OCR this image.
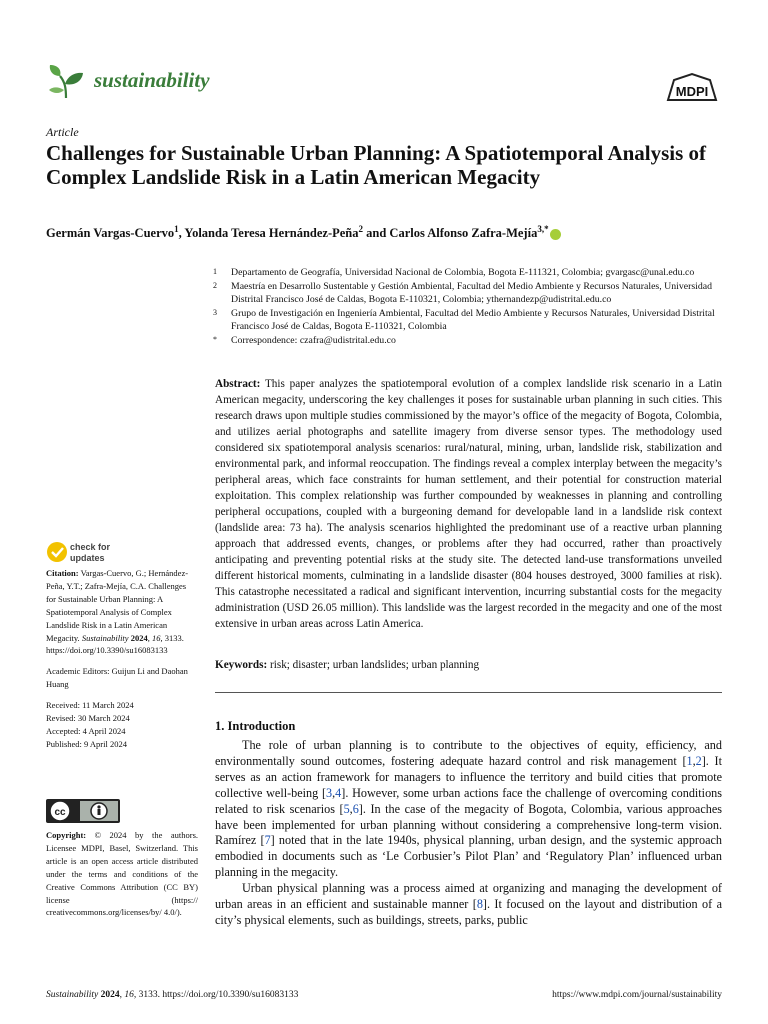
sustainability	MDPI
Article
Challenges for Sustainable Urban Planning: A Spatiotemporal Analysis of Complex Landslide Risk in a Latin American Megacity
Germán Vargas-Cuervo$^1$, Yolanda Teresa Hernández-Peña$^2$ and Carlos Alfonso Zafra-Mejía$^{3,*}$
1	Departamento de Geografía, Universidad Nacional de Colombia, Bogota E-111321, Colombia; gvargasc@unal.edu.co
2	Maestría en Desarrollo Sustentable y Gestión Ambiental, Facultad del Medio Ambiente y Recursos Naturales, Universidad Distrital Francisco José de Caldas, Bogota E-110321, Colombia; ythernandezp@udistrital.edu.co
3	Grupo de Investigación en Ingeniería Ambiental, Facultad del Medio Ambiente y Recursos Naturales, Universidad Distrital Francisco José de Caldas, Bogota E-110321, Colombia
*	Correspondence: czafra@udistrital.edu.co
Abstract: This paper analyzes the spatiotemporal evolution of a complex landslide risk scenario in a Latin American megacity, underscoring the key challenges it poses for sustainable urban planning in such cities. This research draws upon multiple studies commissioned by the mayor’s office of the megacity of Bogota, Colombia, and utilizes aerial photographs and satellite imagery from diverse sensor types. The methodology used considered six spatiotemporal analysis scenarios: rural/natural, mining, urban, landslide risk, stabilization and environmental park, and informal reoccupation. The findings reveal a complex interplay between the megacity’s peripheral areas, which face constraints for human settlement, and their potential for construction material exploitation. This complex relationship was further compounded by weaknesses in planning and controlling peripheral occupations, coupled with a burgeoning demand for developable land in a landslide risk context (landslide area: 73 ha). The analysis scenarios highlighted the predominant use of a reactive urban planning approach that addressed events, changes, or problems after they had occurred, rather than proactively anticipating and preventing potential risks at the study site. The detected land-use transformations unveiled different historical moments, culminating in a landslide disaster (804 houses destroyed, 3000 families at risk). This catastrophe necessitated a radical and significant intervention, incurring substantial costs for the megacity administration (USD 26.05 million). This landslide was the largest recorded in the megacity and one of the most extensive in urban areas across Latin America.
Keywords: risk; disaster; urban landslides; urban planning
1. Introduction

The role of urban planning is to contribute to the objectives of equity, efficiency, and environmentally sound outcomes, fostering adequate hazard control and risk management [1,2]. It serves as an action framework for managers to influence the territory and build cities that promote collective well-being [3,4]. However, some urban actions face the challenge of overcoming conditions related to risk scenarios [5,6]. In the case of the megacity of Bogota, Colombia, various approaches have been implemented for urban planning without considering a comprehensive long-term vision. Ramírez [7] noted that in the late 1940s, physical planning, urban design, and the systemic approach embodied in documents such as ‘Le Corbusier’s Pilot Plan’ and ‘Regulatory Plan’ influenced urban planning in the megacity.

Urban physical planning was a process aimed at organizing and managing the development of urban areas in an efficient and sustainable manner [8]. It focused on the layout and distribution of a city’s physical elements, such as buildings, streets, parks, public

check for
updates

Citation: Vargas-Cuervo, G.; Hernández-Peña, Y.T.; Zafra-Mejía, C.A. Challenges for Sustainable Urban Planning: A Spatiotemporal Analysis of Complex Landslide Risk in a Latin American Megacity. Sustainability 2024, 16, 3133. https://doi.org/10.3390/su16083133

Academic Editors: Guijun Li and Daohan Huang

Received: 11 March 2024

Revised: 30 March 2024

Accepted: 4 April 2024

Published: 9 April 2024

cc
Copyright: © 2024 by the authors. Licensee MDPI, Basel, Switzerland. This article is an open access article distributed under the terms and conditions of the Creative Commons Attribution (CC BY) license (https:// creativecommons.org/licenses/by/ 4.0/).
Sustainability 2024, 16, 3133. https://doi.org/10.3390/su16083133	https://www.mdpi.com/journal/sustainability
